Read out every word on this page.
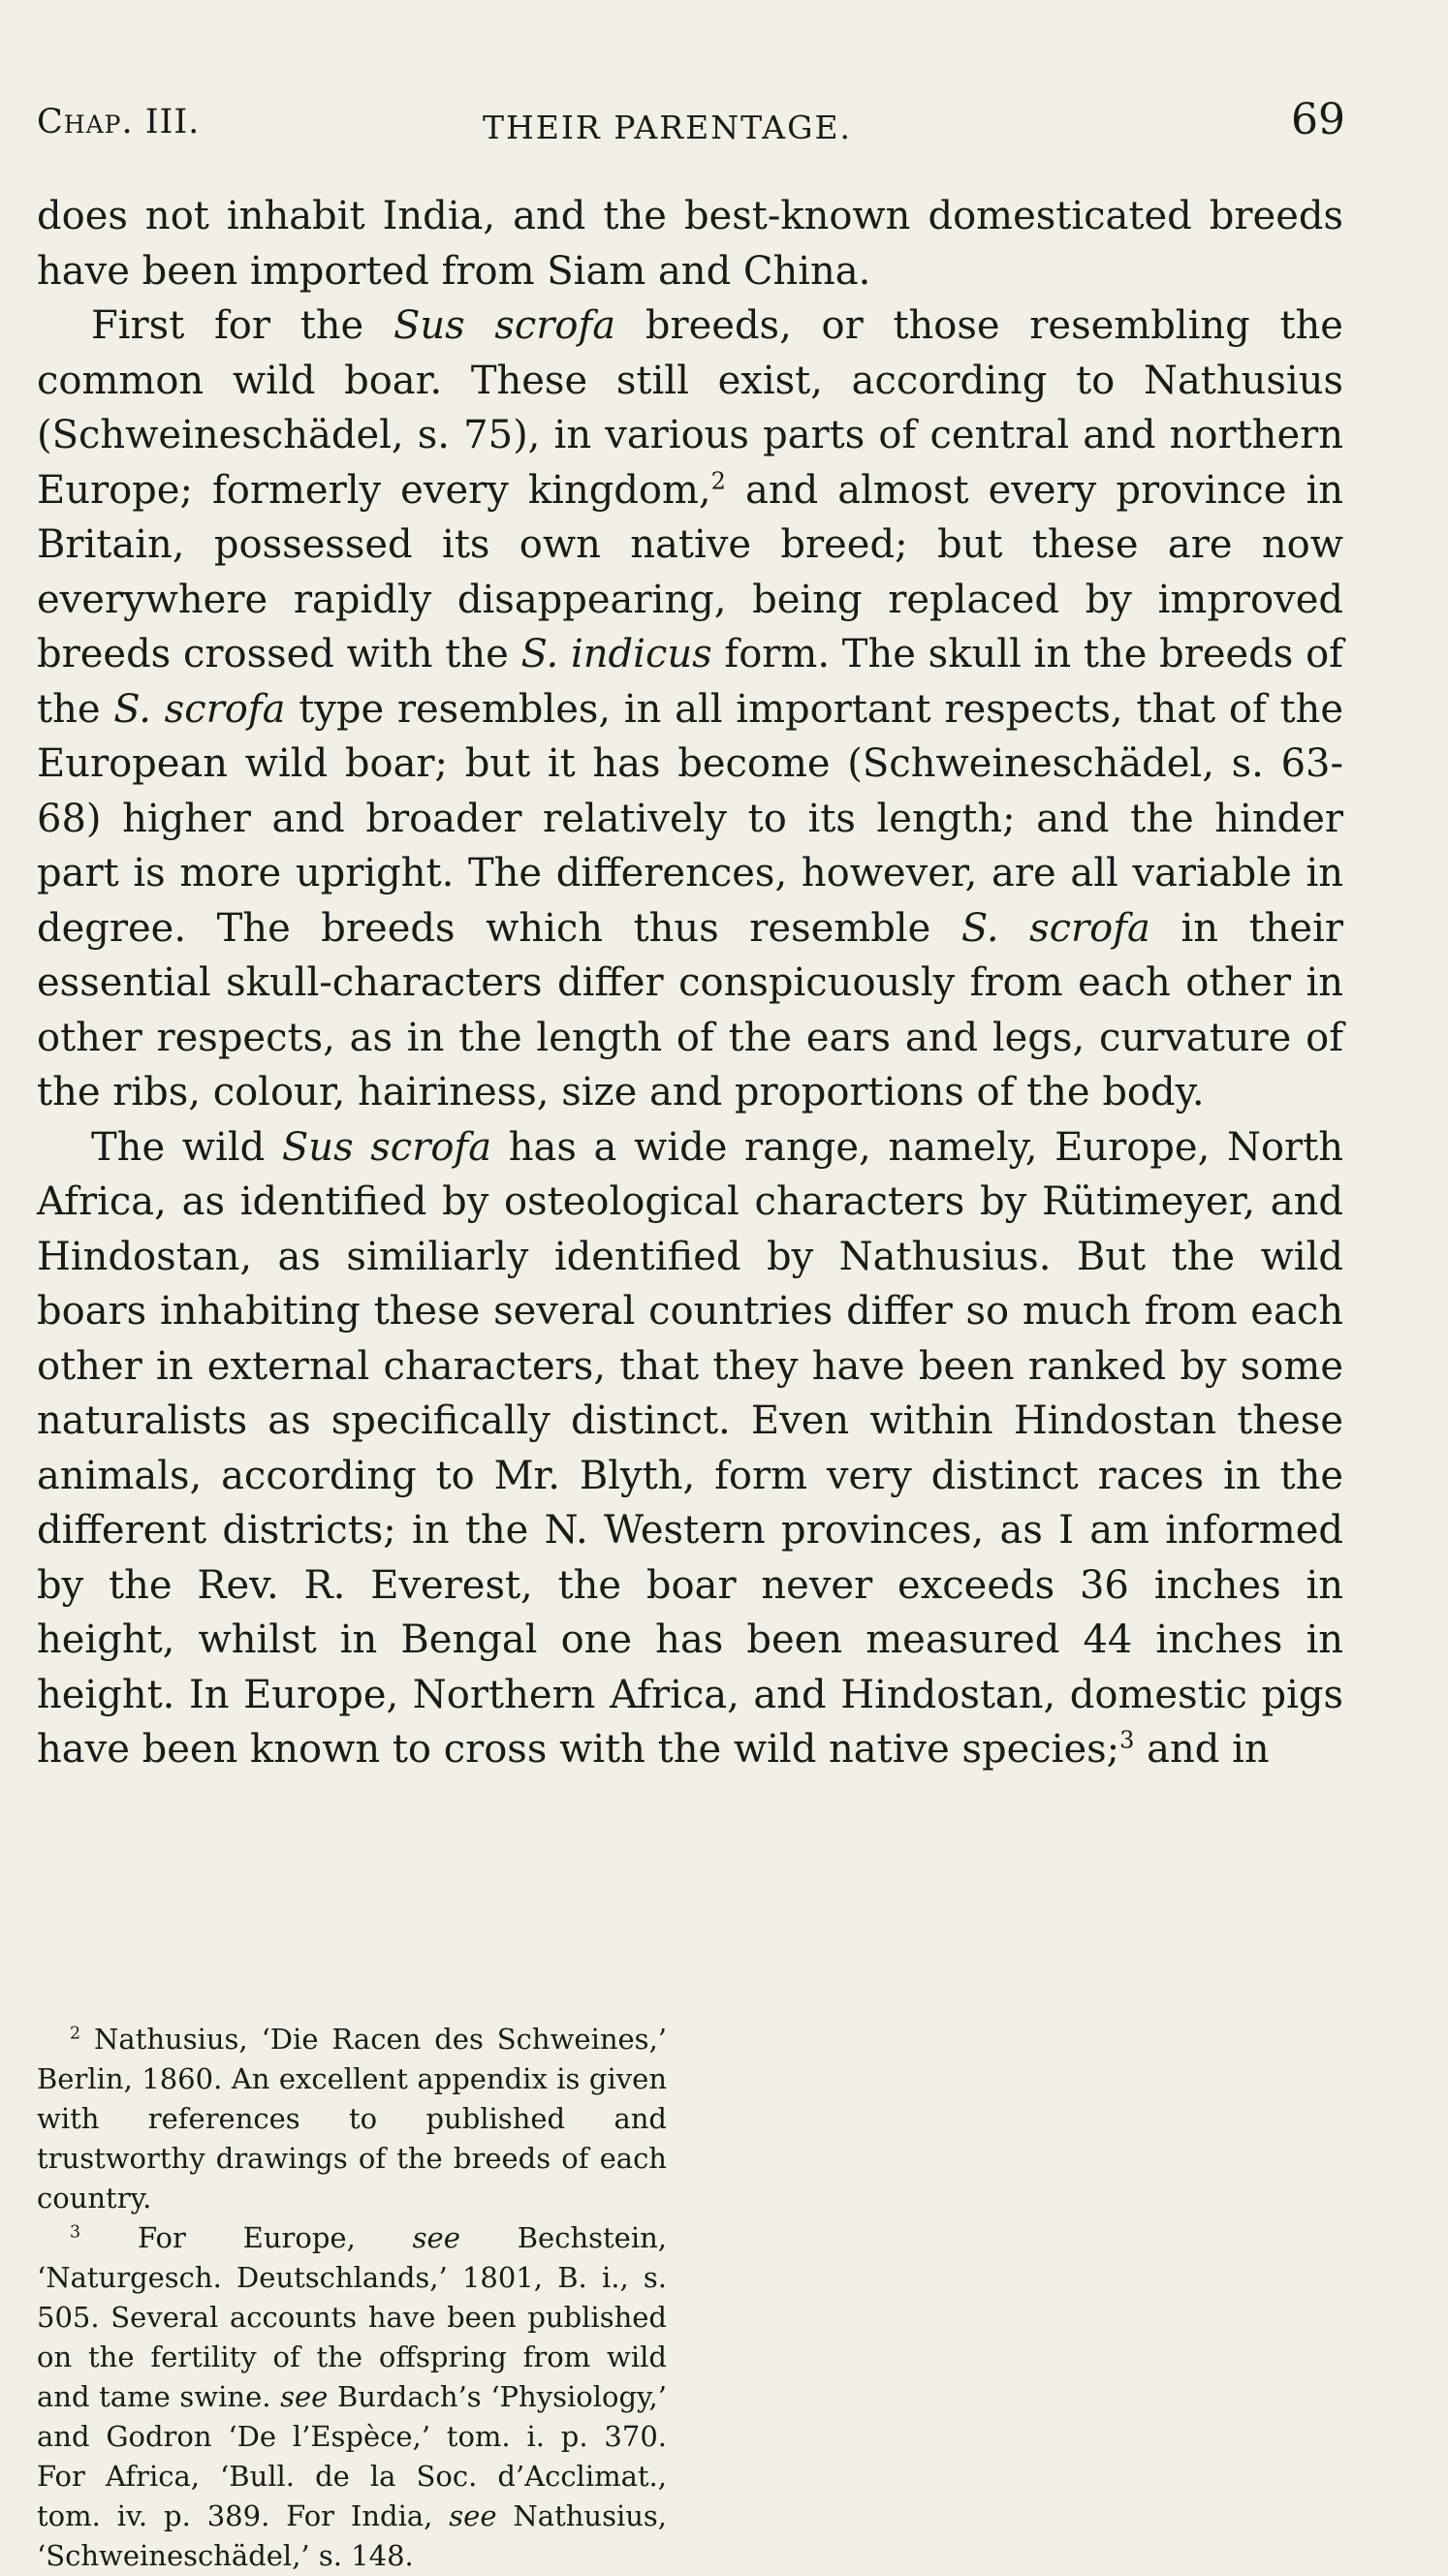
Chap. III.	THEIR PARENTAGE.	69

does not inhabit India, and the best-known domesticated breeds have been imported from Siam and China.

First for the Sus scrofa breeds, or those resembling the common wild boar. These still exist, according to Nathusius (Schweineschädel, s. 75), in various parts of central and northern Europe; formerly every kingdom,$^2$ and almost every province in Britain, possessed its own native breed; but these are now everywhere rapidly disappearing, being replaced by improved breeds crossed with the S. indicus form. The skull in the breeds of the S. scrofa type resembles, in all important respects, that of the European wild boar; but it has become (Schweineschädel, s. 63-68) higher and broader relatively to its length; and the hinder part is more upright. The differences, however, are all variable in degree. The breeds which thus resemble S. scrofa in their essential skull-characters differ conspicuously from each other in other respects, as in the length of the ears and legs, curvature of the ribs, colour, hairiness, size and proportions of the body.

The wild Sus scrofa has a wide range, namely, Europe, North Africa, as identified by osteological characters by Rütimeyer, and Hindostan, as similiarly identified by Nathusius. But the wild boars inhabiting these several countries differ so much from each other in external characters, that they have been ranked by some naturalists as specifically distinct. Even within Hindostan these animals, according to Mr. Blyth, form very distinct races in the different districts; in the N. Western provinces, as I am informed by the Rev. R. Everest, the boar never exceeds 36 inches in height, whilst in Bengal one has been measured 44 inches in height. In Europe, Northern Africa, and Hindostan, domestic pigs have been known to cross with the wild native species;$^3$ and in

$^2$ Nathusius, ‘Die Racen des Schweines,’ Berlin, 1860. An excellent appendix is given with references to published and trustworthy drawings of the breeds of each country.

$^3$ For Europe, see Bechstein, ‘Naturgesch. Deutschlands,’ 1801, B. i., s. 505. Several accounts have been published on the fertility of the offspring from wild and tame swine. see Burdach’s ‘Physiology,’ and Godron ‘De l’Espèce,’ tom. i. p. 370. For Africa, ‘Bull. de la Soc. d’Acclimat., tom. iv. p. 389. For India, see Nathusius, ‘Schweineschädel,’ s. 148.
